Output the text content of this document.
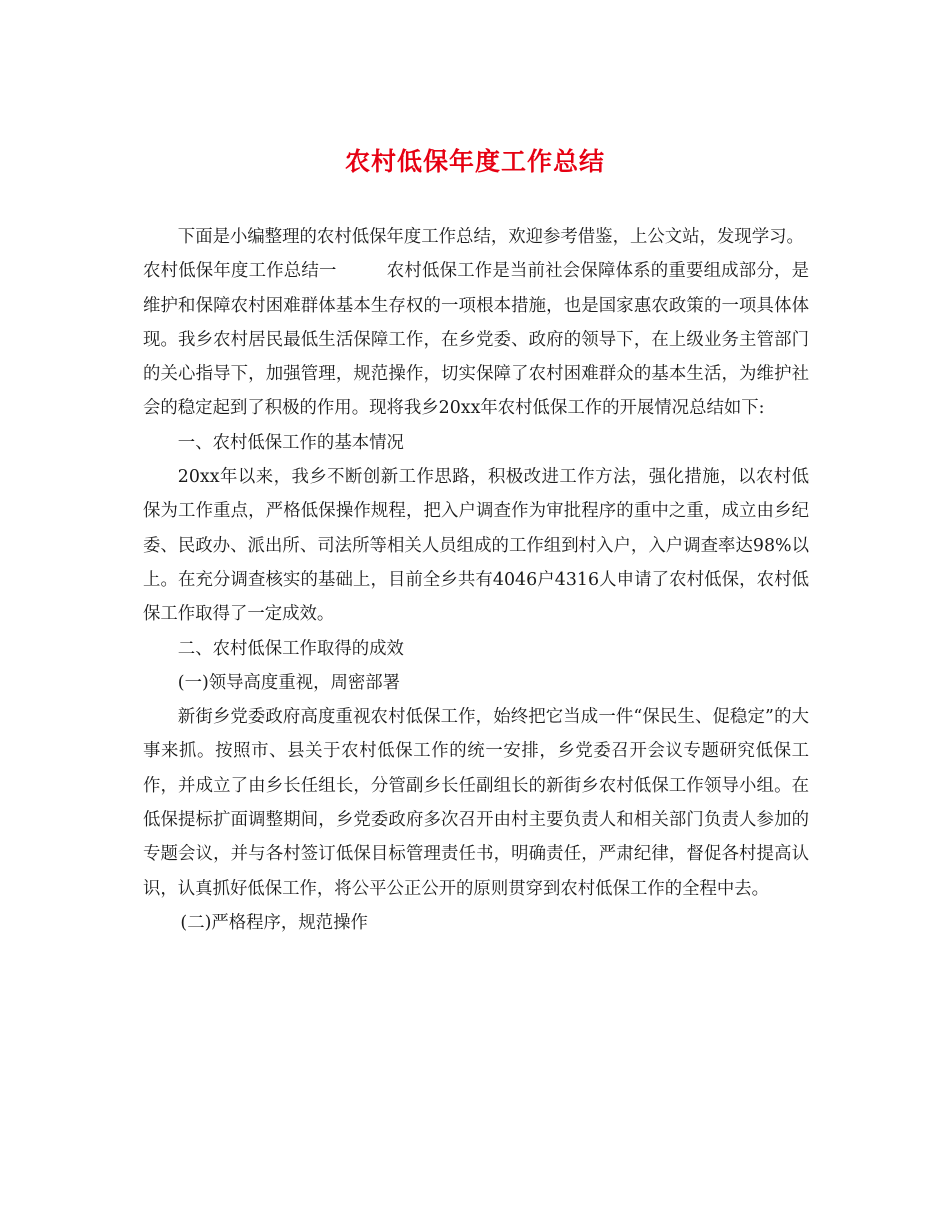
农村低保年度工作总结

下面是小编整理的农村低保年度工作总结，欢迎参考借鉴，上公文站，发现学习。

农村低保年度工作总结一	农村低保工作是当前社会保障体系的重要组成部分，是维护和保障农村困难群体基本生存权的一项根本措施，也是国家惠农政策的一项具体体现。我乡农村居民最低生活保障工作，在乡党委、政府的领导下，在上级业务主管部门的关心指导下，加强管理，规范操作，切实保障了农村困难群众的基本生活，为维护社会的稳定起到了积极的作用。现将我乡20xx年农村低保工作的开展情况总结如下:

一、农村低保工作的基本情况

20xx年以来，我乡不断创新工作思路，积极改进工作方法，强化措施，以农村低保为工作重点，严格低保操作规程，把入户调查作为审批程序的重中之重，成立由乡纪委、民政办、派出所、司法所等相关人员组成的工作组到村入户，入户调查率达98%以上。在充分调查核实的基础上，目前全乡共有4046户4316人申请了农村低保，农村低保工作取得了一定成效。

二、农村低保工作取得的成效

(一)领导高度重视，周密部署

新街乡党委政府高度重视农村低保工作，始终把它当成一件“保民生、促稳定”的大事来抓。按照市、县关于农村低保工作的统一安排，乡党委召开会议专题研究低保工作，并成立了由乡长任组长，分管副乡长任副组长的新街乡农村低保工作领导小组。在低保提标扩面调整期间，乡党委政府多次召开由村主要负责人和相关部门负责人参加的专题会议，并与各村签订低保目标管理责任书，明确责任，严肃纪律，督促各村提高认识，认真抓好低保工作，将公平公正公开的原则贯穿到农村低保工作的全程中去。

(二)严格程序，规范操作
